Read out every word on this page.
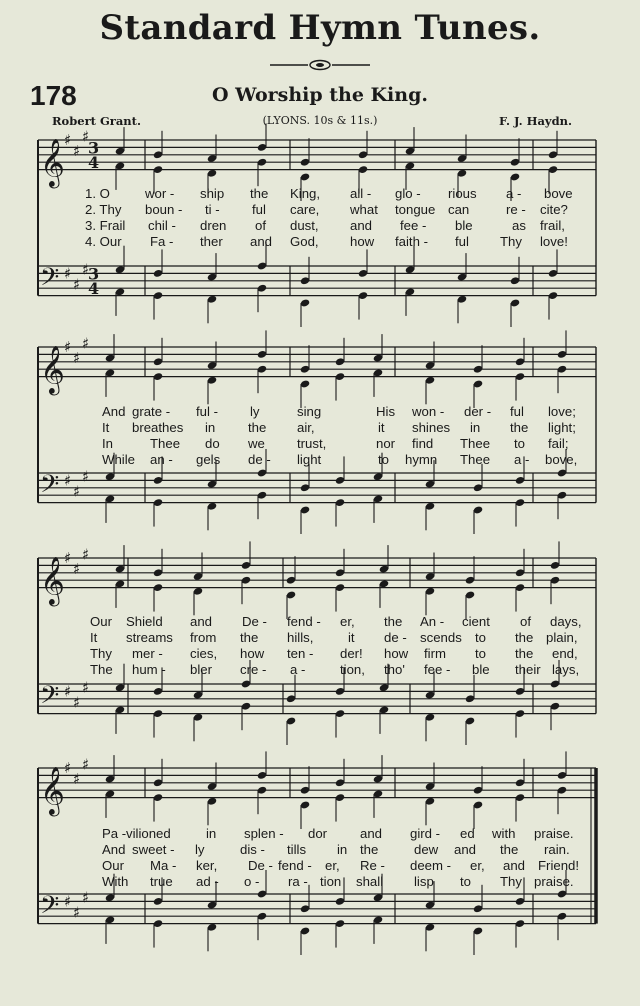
Standard Hymn Tunes.
178	O Worship the King.
Robert Grant.	(LYONS. 10s & 11s.)	F. J. Haydn.
𝄞
𝄢
♯
♯
♯
♯
♯
♯
3
3
4
4
𝄞
𝄢
♯
♯
♯
♯
♯
♯
𝄞
𝄢
♯
♯
♯
♯
♯
♯
𝄞
𝄢
♯
♯
♯
♯
♯
♯
1. O	wor - ship the King, all - glo - rious a - bove
2. Thy boun - ti - ful care, what tongue can	re - cite?
3. Frail chil - dren of dust, and fee - ble	as frail,
4. Our Fa - ther and God, how faith - ful Thy love!
And grate - ful - ly	sing	His won - der - ful love;
It breathes in the air,	it shines in the light;
In	Thee do we trust,	nor find Thee to fail;
While an - gels de - light	to hymn Thee a - bove,
Our Shield and De - fend - er, the An - cient of days,
It streams from the hills,	it de - scends to the plain,
Thy mer - cies, how ten - der! how firm to the end,
The hum - bler cre - a -	tion, tho' fee - ble their lays,
Pa - vilioned	in splen - dor and gird - ed with praise.
And sweet - ly	dis - tills in the	dew and the rain.
Our Ma - ker, De - fend - er, Re - deem - er, and Friend!
With true ad - o - ra - tion shall lisp to Thy praise.
